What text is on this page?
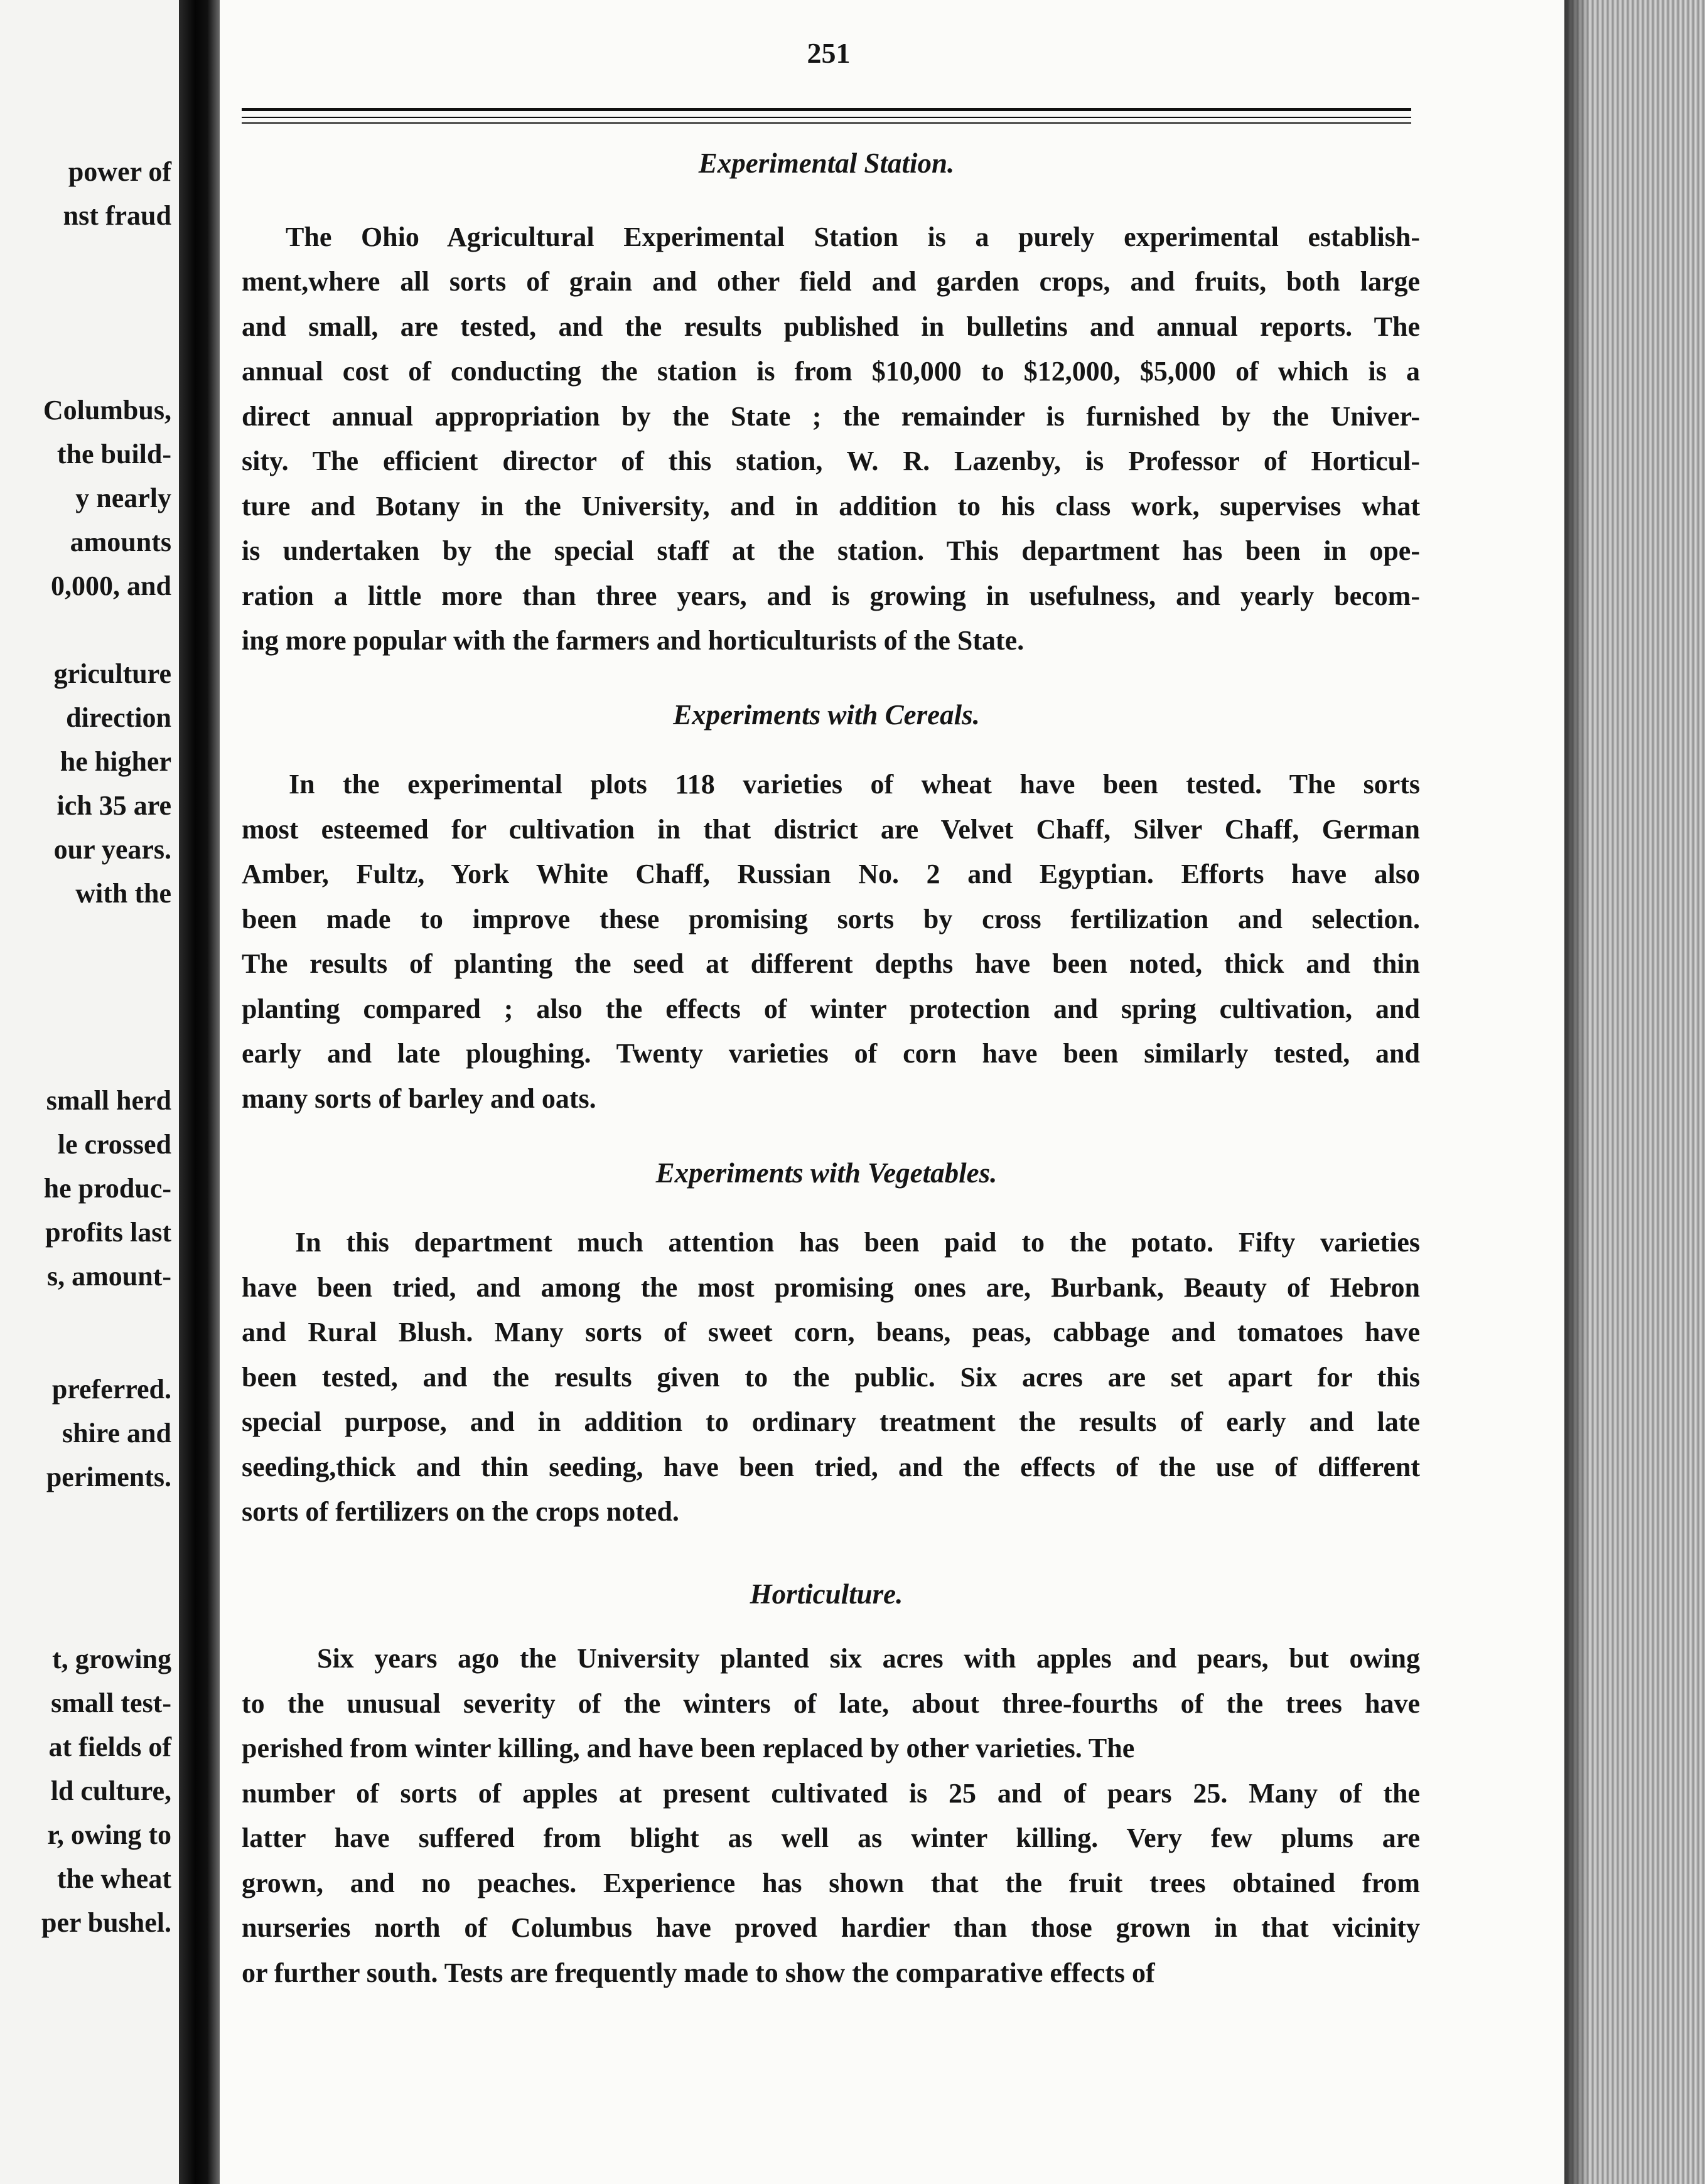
power of
nst fraud
Columbus,
the build-
y nearly
amounts
0,000, and
griculture
direction
he higher
ich 35 are
our years.
with the
small herd
le crossed
he produc-
profits last
s, amount-
preferred.
shire and
periments.
t, growing
small test-
at fields of
ld culture,
r, owing to
the wheat
per bushel.
251
Experimental Station.
The Ohio Agricultural Experimental Station is a purely experimental establish-
ment,where all sorts of grain and other field and garden crops, and fruits, both large
and small, are tested, and the results published in bulletins and annual reports. The
annual cost of conducting the station is from $10,000 to $12,000, $5,000 of which is a
direct annual appropriation by the State ; the remainder is furnished by the Univer-
sity. The efficient director of this station, W. R. Lazenby, is Professor of Horticul-
ture and Botany in the University, and in addition to his class work, supervises what
is undertaken by the special staff at the station. This department has been in ope-
ration a little more than three years, and is growing in usefulness, and yearly becom-
ing more popular with the farmers and horticulturists of the State.
Experiments with Cereals.
In the experimental plots 118 varieties of wheat have been tested. The sorts
most esteemed for cultivation in that district are Velvet Chaff, Silver Chaff, German
Amber, Fultz, York White Chaff, Russian No. 2 and Egyptian. Efforts have also
been made to improve these promising sorts by cross fertilization and selection.
The results of planting the seed at different depths have been noted, thick and thin
planting compared ; also the effects of winter protection and spring cultivation, and
early and late ploughing. Twenty varieties of corn have been similarly tested, and
many sorts of barley and oats.
Experiments with Vegetables.
In this department much attention has been paid to the potato. Fifty varieties
have been tried, and among the most promising ones are, Burbank, Beauty of Hebron
and Rural Blush. Many sorts of sweet corn, beans, peas, cabbage and tomatoes have
been tested, and the results given to the public. Six acres are set apart for this
special purpose, and in addition to ordinary treatment the results of early and late
seeding,thick and thin seeding, have been tried, and the effects of the use of different
sorts of fertilizers on the crops noted.
Horticulture.
Six years ago the University planted six acres with apples and pears, but owing
to the unusual severity of the winters of late, about three-fourths of the trees have
perished from winter killing, and have been replaced by other varieties. The
number of sorts of apples at present cultivated is 25 and of pears 25. Many of the
latter have suffered from blight as well as winter killing. Very few plums are
grown, and no peaches. Experience has shown that the fruit trees obtained from
nurseries north of Columbus have proved hardier than those grown in that vicinity
or further south. Tests are frequently made to show the comparative effects of
